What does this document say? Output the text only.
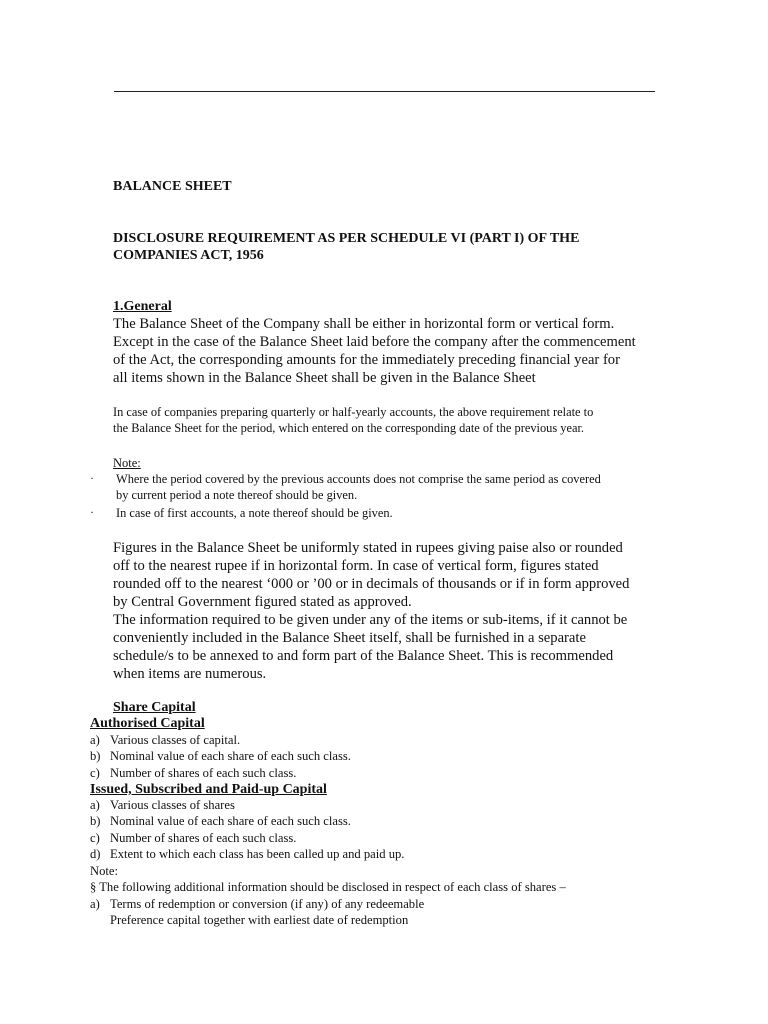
BALANCE SHEET
DISCLOSURE REQUIREMENT AS PER SCHEDULE VI (PART I) OF THE
COMPANIES ACT, 1956
1.General
The Balance Sheet of the Company shall be either in horizontal form or vertical form.
Except in the case of the Balance Sheet laid before the company after the commencement
of the Act, the corresponding amounts for the immediately preceding financial year for
all items shown in the Balance Sheet shall be given in the Balance Sheet
In case of companies preparing quarterly or half-yearly accounts, the above requirement relate to
the Balance Sheet for the period, which entered on the corresponding date of the previous year.
Note:
· Where the period covered by the previous accounts does not comprise the same period as covered
by current period a note thereof should be given.
· In case of first accounts, a note thereof should be given.
Figures in the Balance Sheet be uniformly stated in rupees giving paise also or rounded
off to the nearest rupee if in horizontal form. In case of vertical form, figures stated
rounded off to the nearest ‘000 or ’00 or in decimals of thousands or if in form approved
by Central Government figured stated as approved.
The information required to be given under any of the items or sub-items, if it cannot be
conveniently included in the Balance Sheet itself, shall be furnished in a separate
schedule/s to be annexed to and form part of the Balance Sheet. This is recommended
when items are numerous.
Share Capital
Authorised Capital
a) Various classes of capital.
b) Nominal value of each share of each such class.
c) Number of shares of each such class.
Issued, Subscribed and Paid-up Capital
a) Various classes of shares
b) Nominal value of each share of each such class.
c) Number of shares of each such class.
d) Extent to which each class has been called up and paid up.
Note:
§ The following additional information should be disclosed in respect of each class of shares –
a) Terms of redemption or conversion (if any) of any redeemable
Preference capital together with earliest date of redemption
